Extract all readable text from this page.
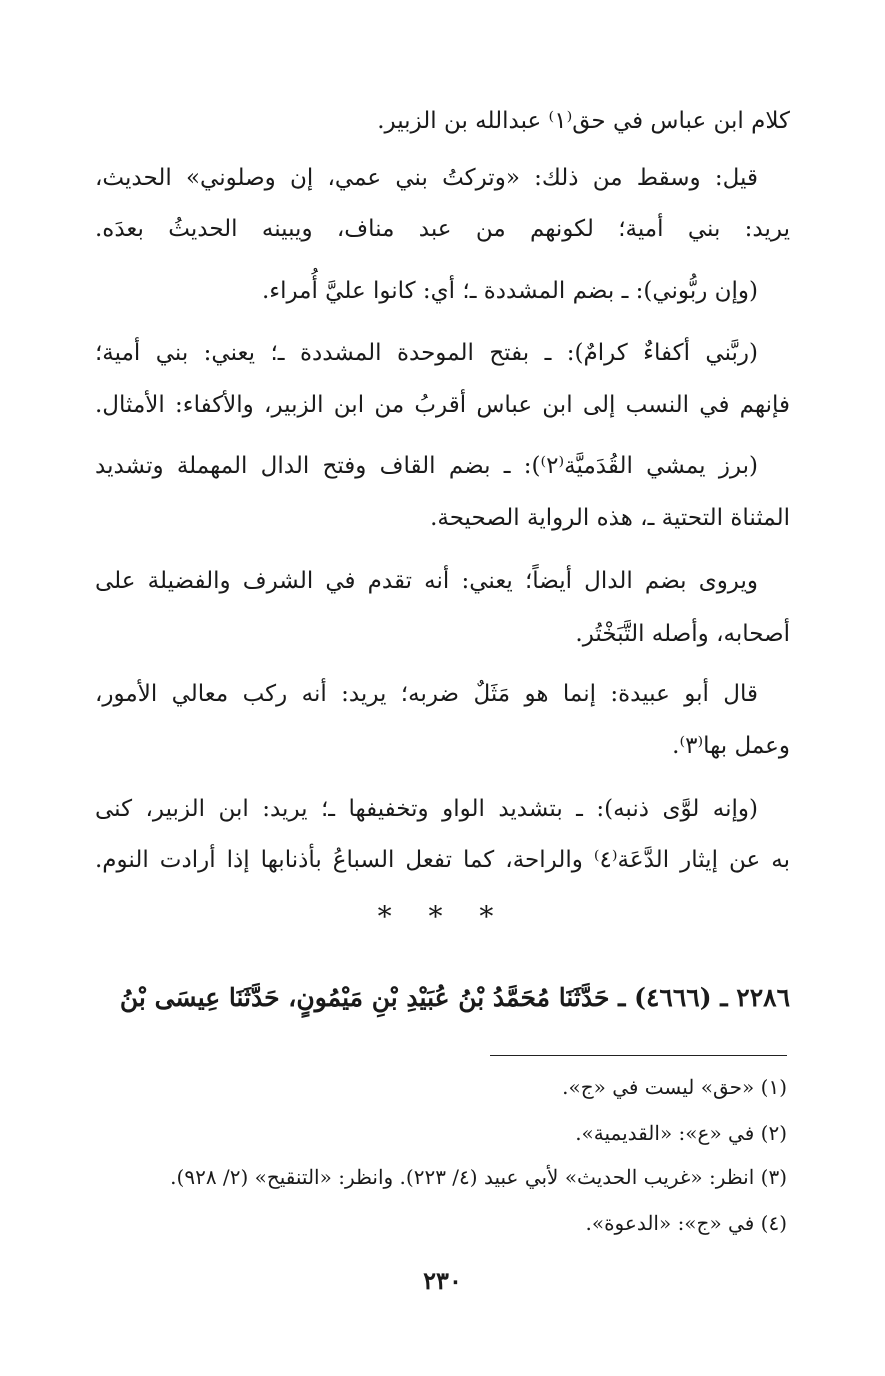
كلام ابن عباس في حق⁽١⁾ عبدالله بن الزبير.
قيل: وسقط من ذلك: «وتركتُ بني عمي، إن وصلوني» الحديث،
يريد: بني أمية؛ لكونهم من عبد مناف، ويبينه الحديثُ بعدَه.
(وإن ربُّوني): ـ بضم المشددة ـ؛ أي: كانوا عليَّ أُمراء.
(ربَّني أكفاءٌ كرامٌ): ـ بفتح الموحدة المشددة ـ؛ يعني: بني أمية؛
فإنهم في النسب إلى ابن عباس أقربُ من ابن الزبير، والأكفاء: الأمثال.
(برز يمشي القُدَميَّة⁽٢⁾): ـ بضم القاف وفتح الدال المهملة وتشديد
المثناة التحتية ـ، هذه الرواية الصحيحة.
ويروى بضم الدال أيضاً؛ يعني: أنه تقدم في الشرف والفضيلة على
أصحابه، وأصله التَّبَخْتُر.
قال أبو عبيدة: إنما هو مَثَلٌ ضربه؛ يريد: أنه ركب معالي الأمور،
وعمل بها⁽٣⁾.
(وإنه لوَّى ذنبه): ـ بتشديد الواو وتخفيفها ـ؛ يريد: ابن الزبير، كنى
به عن إيثار الدَّعَة⁽٤⁾ والراحة، كما تفعل السباعُ بأذنابها إذا أرادت النوم.
* * *
٢٢٨٦ ـ (٤٦٦٦) ـ حَدَّثَنَا مُحَمَّدُ بْنُ عُبَيْدِ بْنِ مَيْمُونٍ، حَدَّثَنَا عِيسَى بْنُ
(١) «حق» ليست في «ج».
(٢) في «ع»: «القديمية».
(٣) انظر: «غريب الحديث» لأبي عبيد (٤/ ٢٢٣). وانظر: «التنقيح» (٢/ ٩٢٨).
(٤) في «ج»: «الدعوة».
٢٣٠
